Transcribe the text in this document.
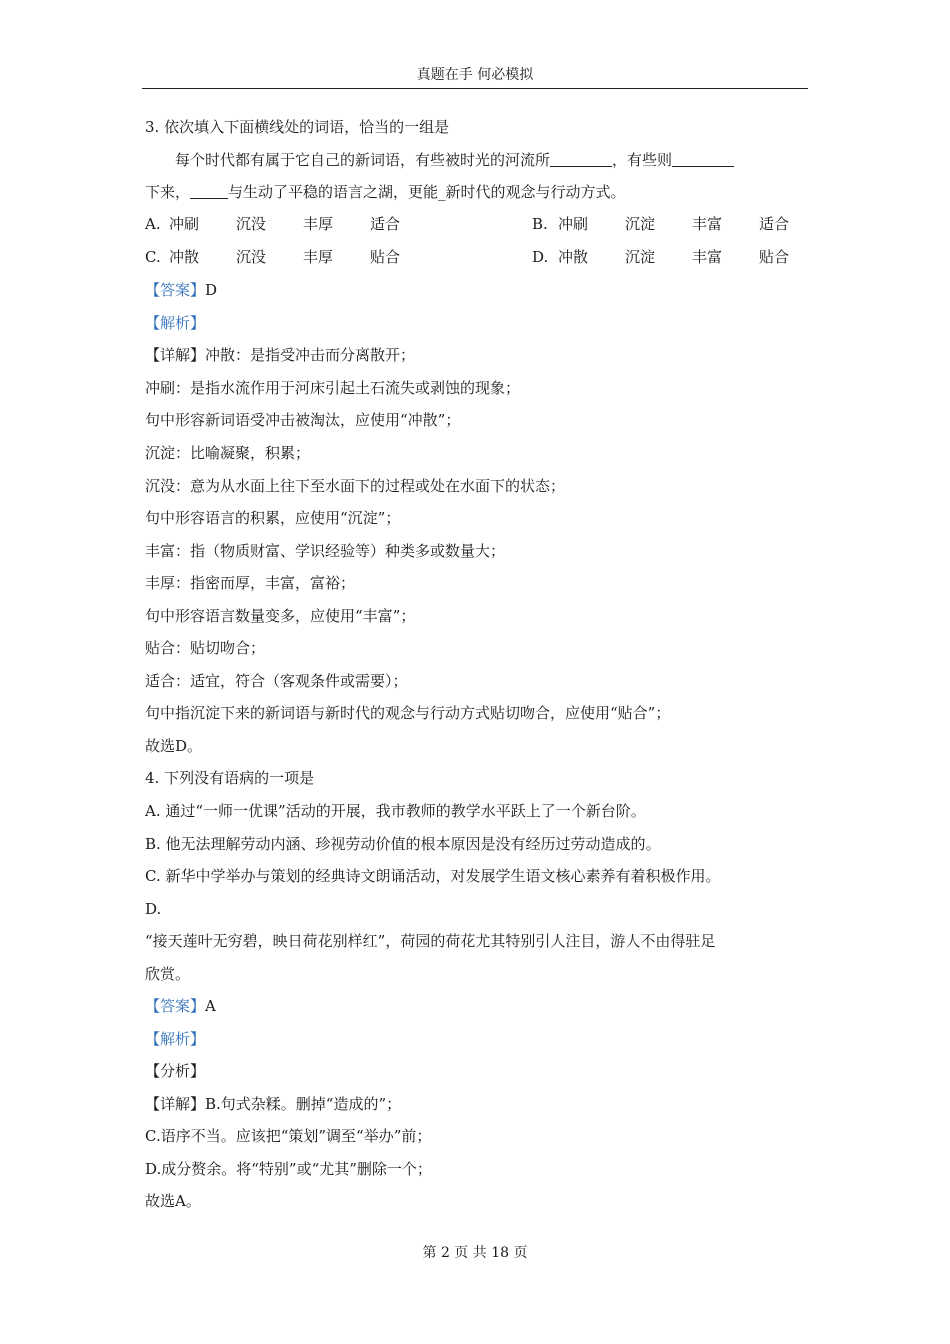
真题在手 何必模拟
3. 依次填入下面横线处的词语，恰当的一组是
每个时代都有属于它自己的新词语，有些被时光的河流所	，有些则
下来，	与生动了平稳的语言之湖，更能_新时代的观念与行动方式。
A. 冲刷 沉没 丰厚 适合	B. 冲刷 沉淀 丰富 适合
C. 冲散 沉没 丰厚 贴合	D. 冲散 沉淀 丰富 贴合
【答案】D
【解析】
【详解】冲散：是指受冲击而分离散开；
冲刷：是指水流作用于河床引起土石流失或剥蚀的现象；
句中形容新词语受冲击被淘汰，应使用“冲散”；
沉淀：比喻凝聚，积累；
沉没：意为从水面上往下至水面下的过程或处在水面下的状态；
句中形容语言的积累，应使用“沉淀”；
丰富：指（物质财富、学识经验等）种类多或数量大；
丰厚：指密而厚，丰富，富裕；
句中形容语言数量变多，应使用“丰富”；
贴合：贴切吻合；
适合：适宜，符合（客观条件或需要）；
句中指沉淀下来的新词语与新时代的观念与行动方式贴切吻合，应使用“贴合”；
故选D。
4. 下列没有语病的一项是
A. 通过“一师一优课”活动的开展，我市教师的教学水平跃上了一个新台阶。
B. 他无法理解劳动内涵、珍视劳动价值的根本原因是没有经历过劳动造成的。
C. 新华中学举办与策划的经典诗文朗诵活动，对发展学生语文核心素养有着积极作用。
D.
“接天莲叶无穷碧，映日荷花别样红”，荷园的荷花尤其特别引人注目，游人不由得驻足
欣赏。
【答案】A
【解析】
【分析】
【详解】B.句式杂糅。删掉“造成的”；
C.语序不当。应该把“策划”调至“举办”前；
D.成分赘余。将“特别”或“尤其”删除一个；
故选A。
第 2 页 共 18 页
